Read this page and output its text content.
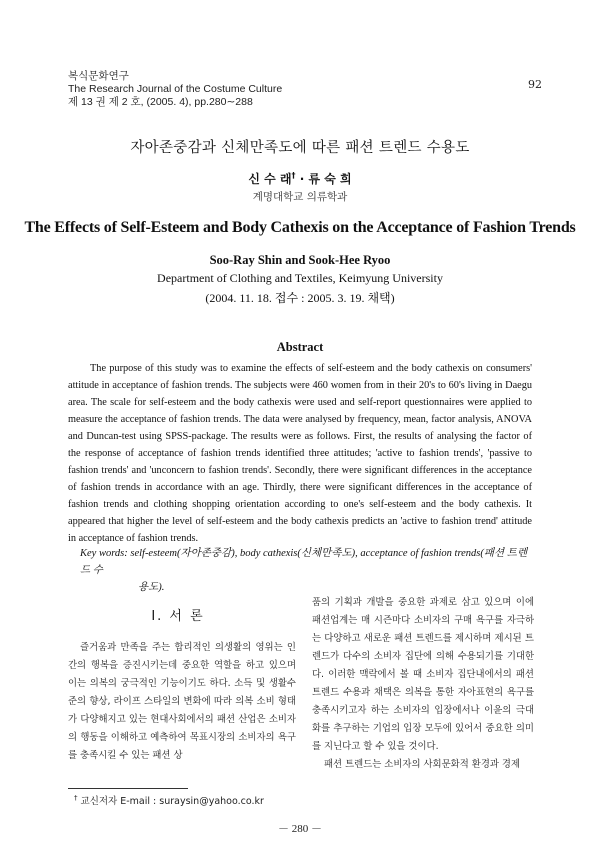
복식문화연구
The Research Journal of the Costume Culture
제 13 권 제 2 호, (2005. 4), pp.280∼288
92
자아존중감과 신체만족도에 따른 패션 트렌드 수용도
신 수 래† · 류 숙 희
계명대학교 의류학과
The Effects of Self-Esteem and Body Cathexis on the Acceptance of Fashion Trends
Soo-Ray Shin and Sook-Hee Ryoo
Department of Clothing and Textiles, Keimyung University
(2004. 11. 18. 접수 : 2005. 3. 19. 채택)
Abstract

The purpose of this study was to examine the effects of self-esteem and the body cathexis on consumers' attitude in acceptance of fashion trends. The subjects were 460 women from in their 20's to 60's living in Daegu area. The scale for self-esteem and the body cathexis were used and self-report questionnaires were applied to measure the acceptance of fashion trends. The data were analysed by frequency, mean, factor analysis, ANOVA and Duncan-test using SPSS-package. The results were as follows. First, the results of analysing the factor of the response of acceptance of fashion trends identified three attitudes; 'active to fashion trends', 'passive to fashion trends' and 'unconcern to fashion trends'. Secondly, there were significant differences in the acceptance of fashion trends in accordance with an age. Thirdly, there were significant differences in the acceptance of fashion trends and clothing shopping orientation according to one's self-esteem and the body cathexis. It appeared that higher the level of self-esteem and the body cathexis predicts an 'active to fashion trend' attitude in acceptance of fashion trends.

Key words: self-esteem(자아존중감), body cathexis(신체만족도), acceptance of fashion trends(패션 트렌드 수
용도).
Ⅰ. 서 론

즐거움과 만족을 주는 합리적인 의생활의 영위는 인간의 행복을 증진시키는데 중요한 역할을 하고 있으며 이는 의복의 궁극적인 기능이기도 하다. 소득 및 생활수준의 향상, 라이프 스타일의 변화에 따라 의복 소비 형태가 다양해지고 있는 현대사회에서의 패션 산업은 소비자의 행동을 이해하고 예측하여 목표시장의 소비자의 욕구를 충족시킬 수 있는 패션 상

품의 기획과 개발을 중요한 과제로 삼고 있으며 이에 패션업계는 매 시즌마다 소비자의 구매 욕구를 자극하는 다양하고 새로운 패션 트렌드를 제시하며 제시된 트렌드가 다수의 소비자 집단에 의해 수용되기를 기대한다. 이러한 맥락에서 볼 때 소비자 집단내에서의 패션 트렌드 수용과 채택은 의복을 통한 자아표현의 욕구를 충족시키고자 하는 소비자의 입장에서나 이윤의 극대화를 추구하는 기업의 입장 모두에 있어서 중요한 의미를 지닌다고 할 수 있을 것이다.
패션 트렌드는 소비자의 사회문화적 환경과 경제
† 교신저자 E-mail : suraysin@yahoo.co.kr
－ 280 －
